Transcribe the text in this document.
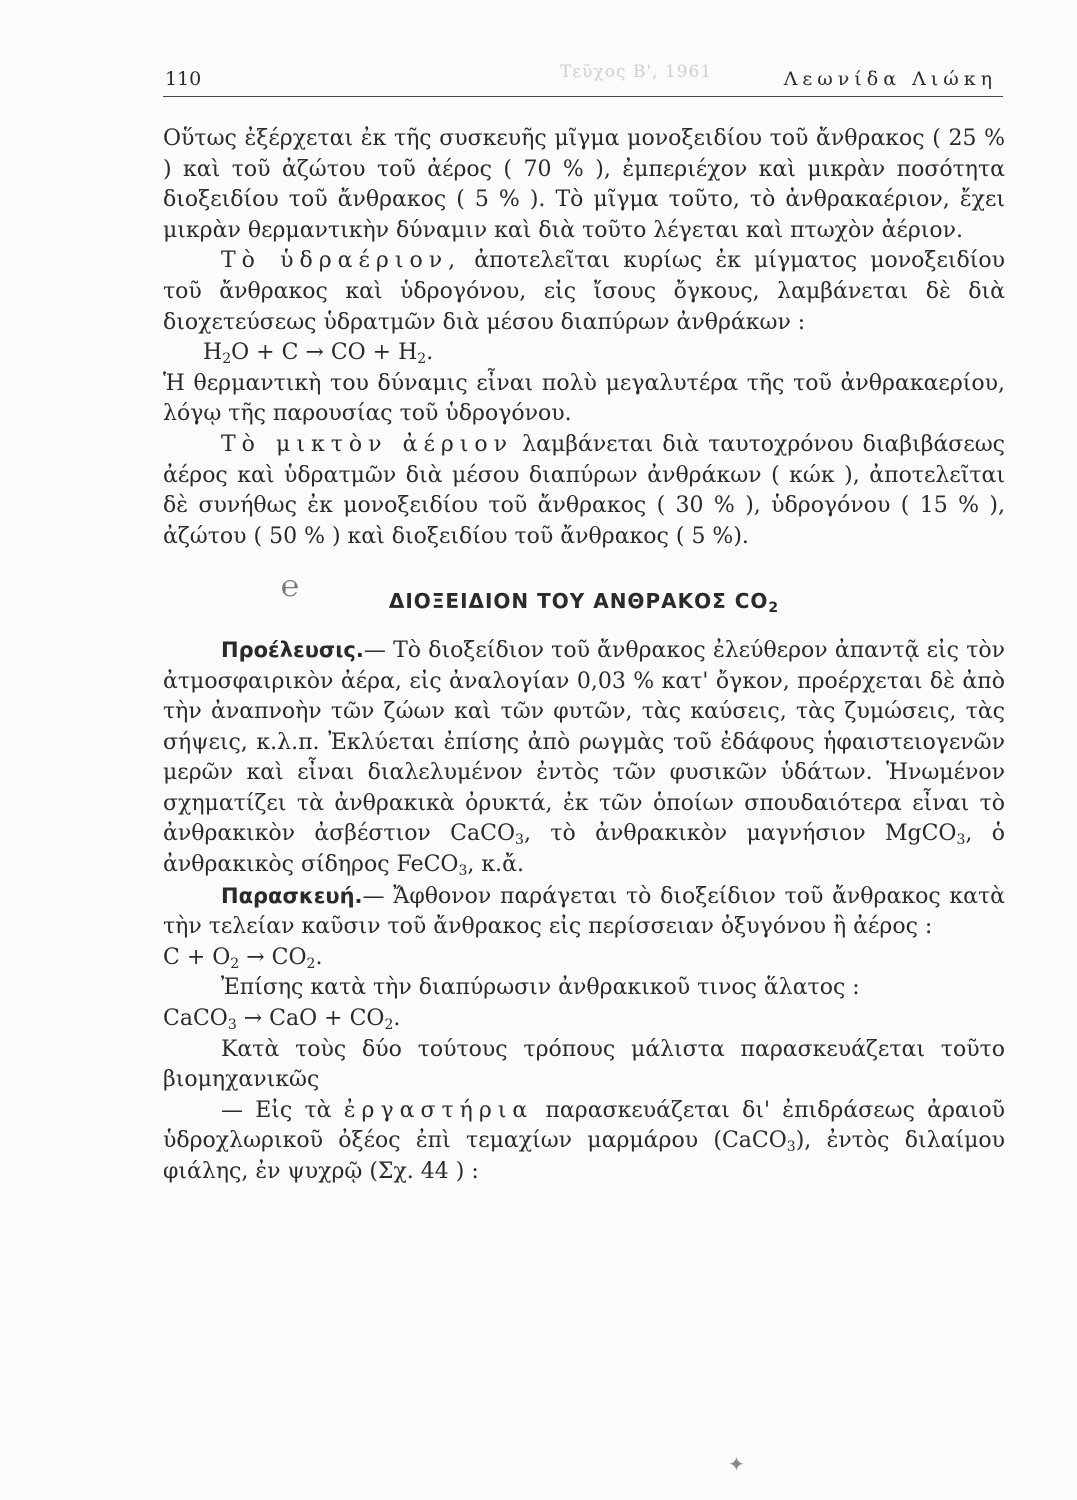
110	Λεωνίδα Λιώκη
Τεῦχος Β', 1961

Οὕτως ἐξέρχεται ἐκ τῆς συσκευῆς μῖγμα μονοξειδίου τοῦ ἄνθρακος ( 25 % ) καὶ τοῦ ἀζώτου τοῦ ἀέρος ( 70 % ), ἐμπεριέχον καὶ μικρὰν ποσότητα διοξειδίου τοῦ ἄνθρακος ( 5 % ). Τὸ μῖγμα τοῦτο, τὸ ἀνθρακαέριον, ἔχει μικρὰν θερμαντικὴν δύναμιν καὶ διὰ τοῦτο λέγεται καὶ πτωχὸν ἀέριον.

Τὸ ὑδραέριον, ἀποτελεῖται κυρίως ἐκ μίγματος μονοξειδίου τοῦ ἄνθρακος καὶ ὑδρογόνου, εἰς ἴσους ὄγκους, λαμβάνεται δὲ διὰ διοχετεύσεως ὑδρατμῶν διὰ μέσου διαπύρων ἀνθράκων :

$H_2O + C$ → CO + $H_2$.

Ἡ θερμαντικὴ του δύναμις εἶναι πολὺ μεγαλυτέρα τῆς τοῦ ἀνθρακαερίου, λόγῳ τῆς παρουσίας τοῦ ὑδρογόνου.

Τὸ μικτὸν ἀέριον λαμβάνεται διὰ ταυτοχρόνου διαβιβάσεως ἀέρος καὶ ὑδρατμῶν διὰ μέσου διαπύρων ἀνθράκων ( κώκ ), ἀποτελεῖται δὲ συνήθως ἐκ μονοξειδίου τοῦ ἄνθρακος ( 30 % ), ὑδρογόνου ( 15 % ), ἀζώτου ( 50 % ) καὶ διοξειδίου τοῦ ἄνθρακος ( 5 %).

℮	ΔΙΟΞΕΙΔΙΟΝ ΤΟΥ ΑΝΘΡΑΚΟΣ $CO_2$

Προέλευσις.— Τὸ διοξείδιον τοῦ ἄνθρακος ἐλεύθερον ἀπαντᾷ εἰς τὸν ἀτμοσφαιρικὸν ἀέρα, εἰς ἀναλογίαν 0,03 % κατ' ὄγκον, προέρχεται δὲ ἀπὸ τὴν ἀναπνοὴν τῶν ζώων καὶ τῶν φυτῶν, τὰς καύσεις, τὰς ζυμώσεις, τὰς σήψεις, κ.λ.π. Ἐκλύεται ἐπίσης ἀπὸ ρωγμὰς τοῦ ἐδάφους ἡφαιστειογενῶν μερῶν καὶ εἶναι διαλελυμένον ἐντὸς τῶν φυσικῶν ὑδάτων. Ἡνωμένον σχηματίζει τὰ ἀνθρακικὰ ὀρυκτά, ἐκ τῶν ὁποίων σπουδαιότερα εἶναι τὸ ἀνθρακικὸν ἀσβέστιον CaCO$_3$, τὸ ἀνθρακικὸν μαγνήσιον MgCO$_3$, ὁ ἀνθρακικὸς σίδηρος FeCO$_3$, κ.ἄ.

Παρασκευή.— Ἄφθονον παράγεται τὸ διοξείδιον τοῦ ἄνθρακος κατὰ τὴν τελείαν καῦσιν τοῦ ἄνθρακος εἰς περίσσειαν ὀξυγόνου ἢ ἀέρος :

$C + O_2 \to CO_2$.

Ἐπίσης κατὰ τὴν διαπύρωσιν ἀνθρακικοῦ τινος ἅλατος :

CaCO$_3$ → CaO + $CO_2$.

Κατὰ τοὺς δύο τούτους τρόπους μάλιστα παρασκευάζεται τοῦτο βιομηχανικῶς

— Εἰς τὰ ἐργαστήρια παρασκευάζεται δι' ἐπιδράσεως ἀραιοῦ ὑδροχλωρικοῦ ὀξέος ἐπὶ τεμαχίων μαρμάρου (CaCO$_3$), ἐντὸς διλαίμου φιάλης, ἐν ψυχρῷ (Σχ. 44 ) :

✦
